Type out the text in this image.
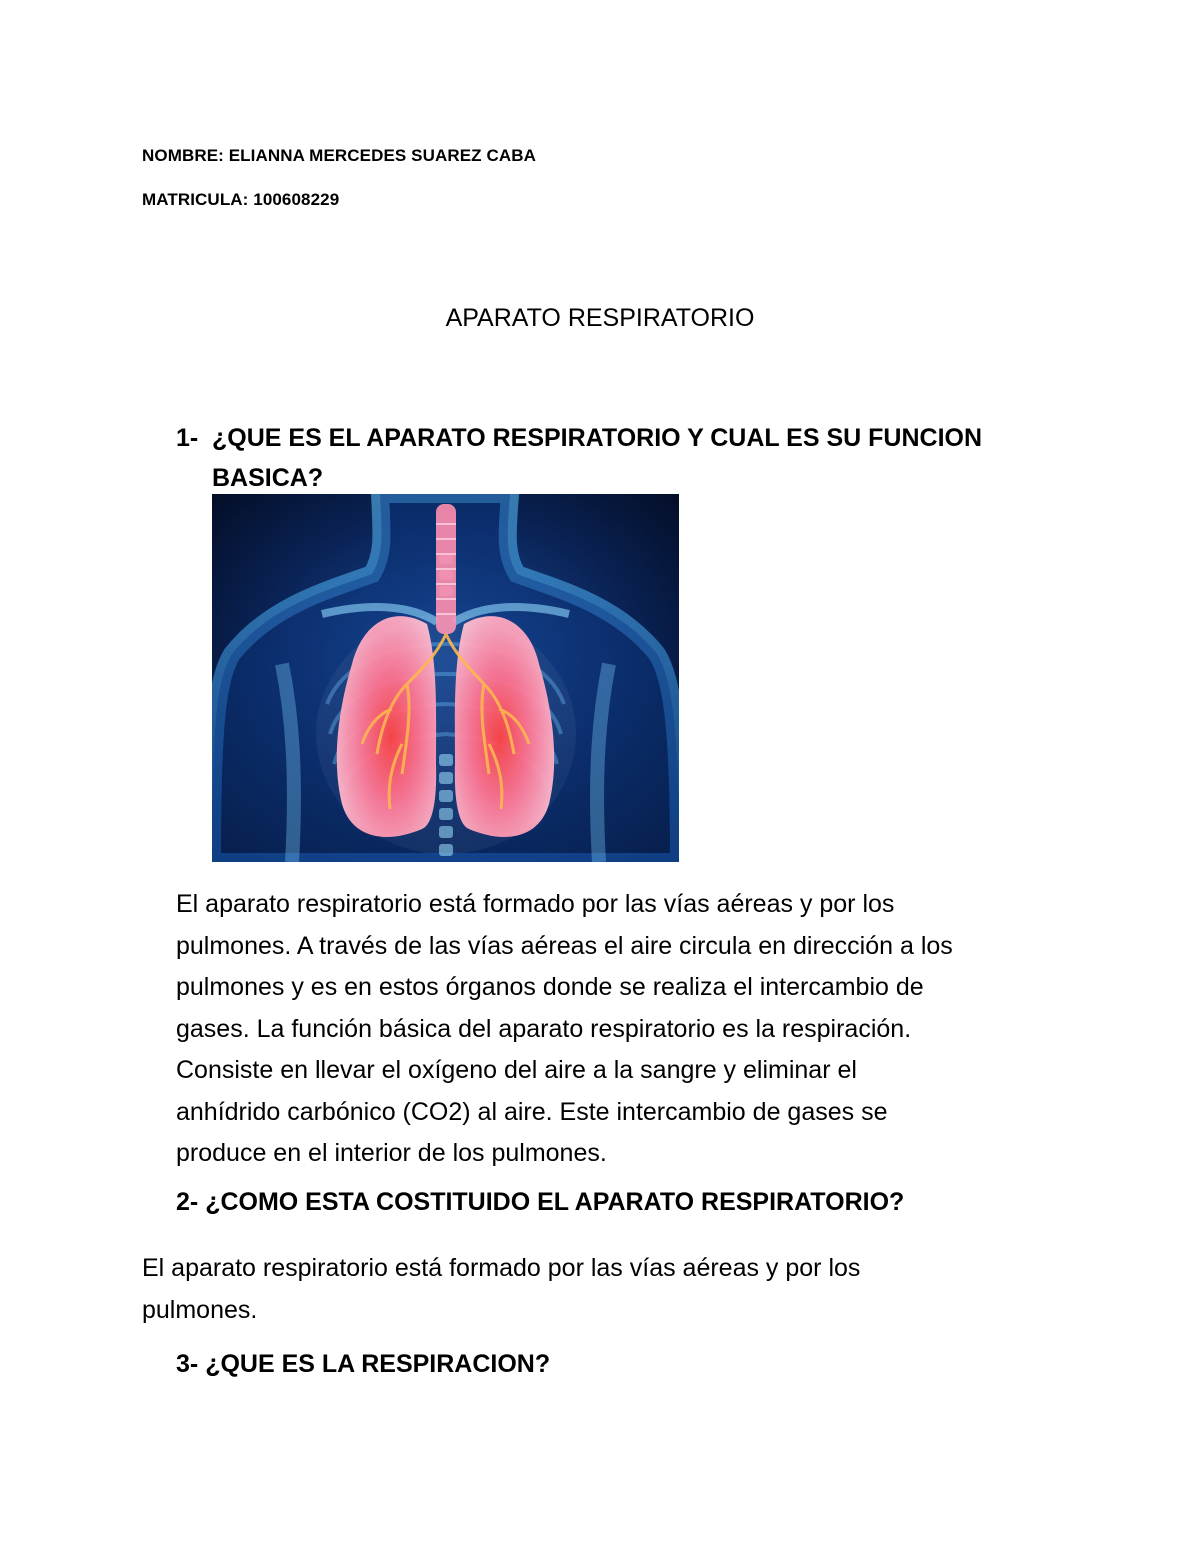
NOMBRE: ELIANNA MERCEDES SUAREZ CABA
MATRICULA: 100608229
APARATO RESPIRATORIO
1- ¿QUE ES EL APARATO RESPIRATORIO Y CUAL ES SU FUNCION BASICA?
El aparato respiratorio está formado por las vías aéreas y por los
pulmones. A través de las vías aéreas el aire circula en dirección a los
pulmones y es en estos órganos donde se realiza el intercambio de
gases. La función básica del aparato respiratorio es la respiración.
Consiste en llevar el oxígeno del aire a la sangre y eliminar el
anhídrido carbónico (CO2) al aire. Este intercambio de gases se
produce en el interior de los pulmones.
2- ¿COMO ESTA COSTITUIDO EL APARATO RESPIRATORIO?
El aparato respiratorio está formado por las vías aéreas y por los
pulmones.
3- ¿QUE ES LA RESPIRACION?
